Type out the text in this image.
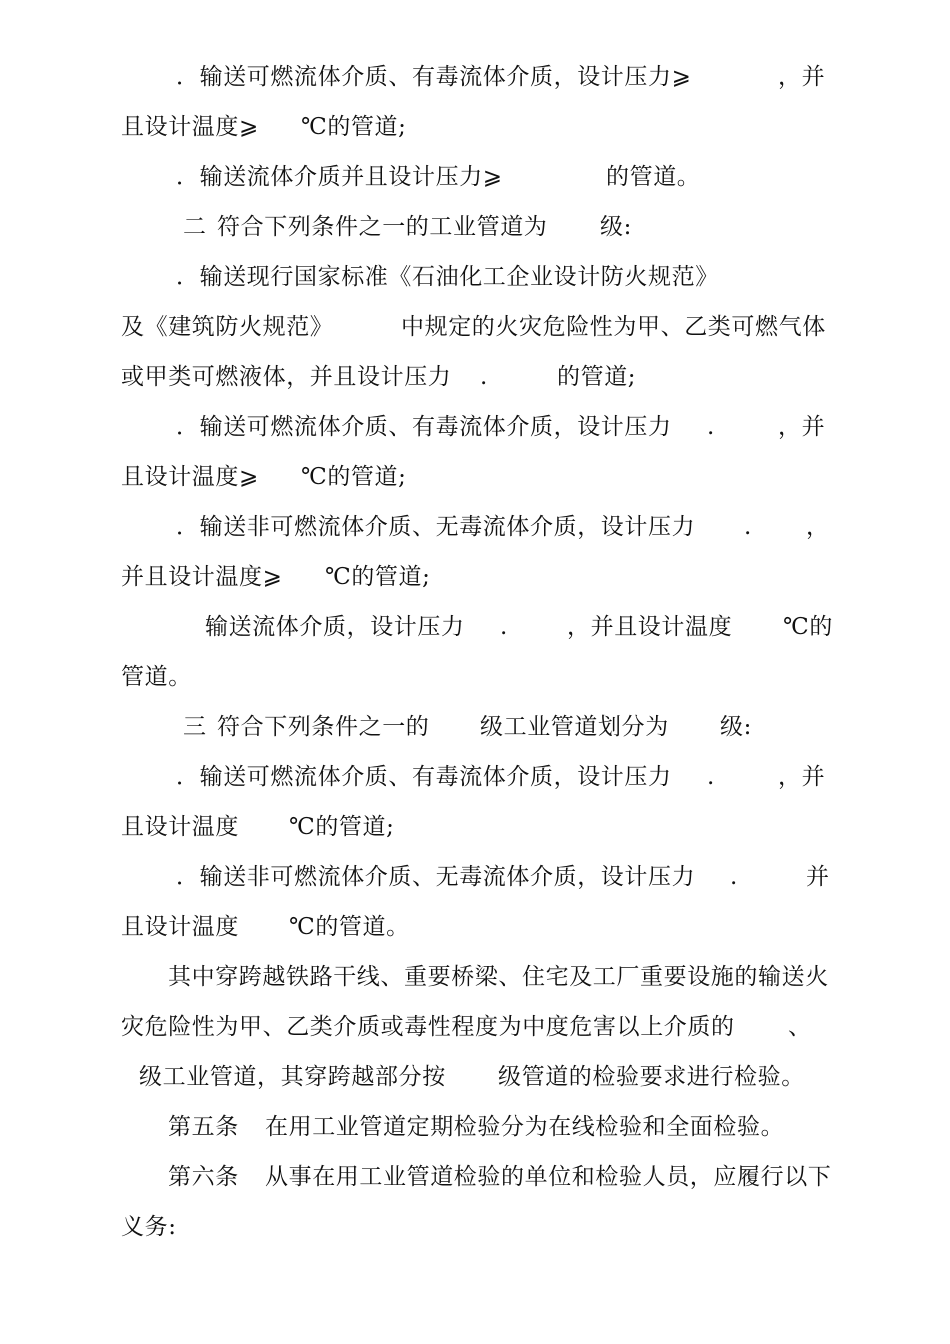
．输送可燃流体介质、有毒流体介质，设计压力⩾	，并
且设计温度⩾ ℃的管道;
．输送流体介质并且设计压力⩾	的管道。
二 符合下列条件之一的工业管道为 级:
．输送现行国家标准《石油化工企业设计防火规范》
及《建筑防火规范》	中规定的火灾危险性为甲、乙类可燃气体
或甲类可燃液体，并且设计压力 .	的管道;
．输送可燃流体介质、有毒流体介质，设计压力 .	，并
且设计温度⩾ ℃的管道;
．输送非可燃流体介质、无毒流体介质，设计压力 . ，
并且设计温度⩾ ℃的管道;
输送流体介质，设计压力 .	，并且设计温度 ℃的
管道。
三 符合下列条件之一的 级工业管道划分为 级:
．输送可燃流体介质、有毒流体介质，设计压力 .	，并
且设计温度 ℃的管道;
．输送非可燃流体介质、无毒流体介质，设计压力 .	并
且设计温度 ℃的管道。
其中穿跨越铁路干线、重要桥梁、住宅及工厂重要设施的输送火
灾危险性为甲、乙类介质或毒性程度为中度危害以上介质的 、
级工业管道，其穿跨越部分按 级管道的检验要求进行检验。
第五条 在用工业管道定期检验分为在线检验和全面检验。
第六条 从事在用工业管道检验的单位和检验人员，应履行以下
义务:
